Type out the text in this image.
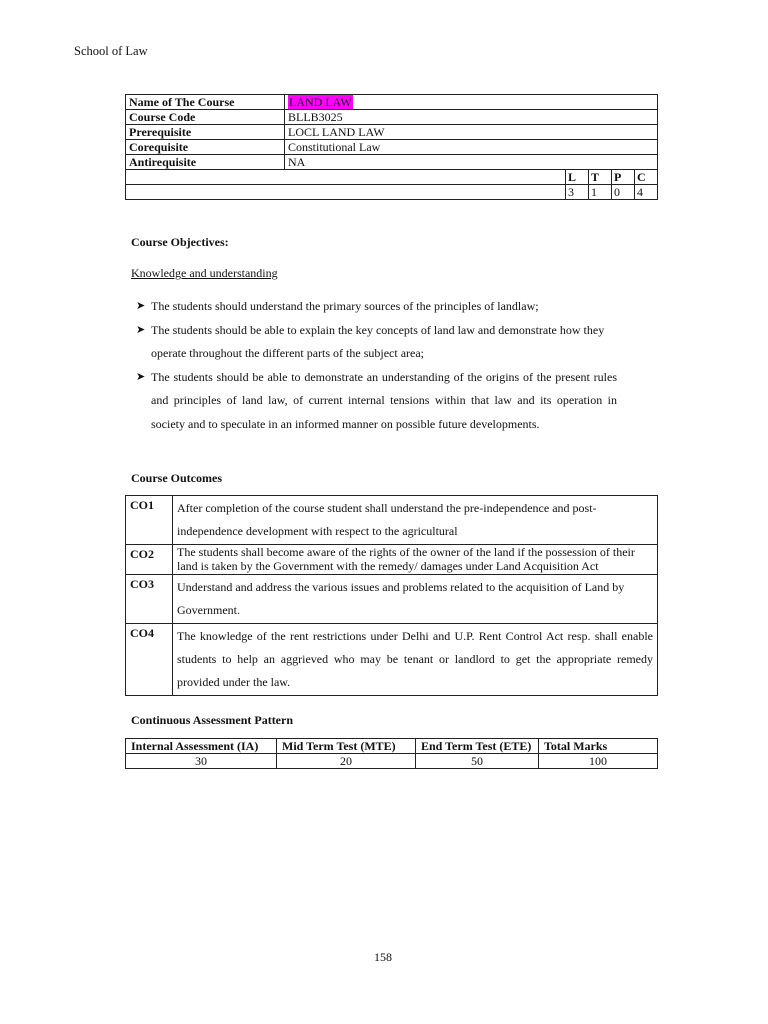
School of Law
Name of The Course	LAND LAW				
Course Code	BLLB3025				
Prerequisite	LOCL LAND LAW				
Corequisite	Constitutional Law				
Antirequisite	NA				
		L	T	P	C
		3	1	0	4
Course Objectives:
Knowledge and understanding
➤ The students should understand the primary sources of the principles of landlaw;
➤ The students should be able to explain the key concepts of land law and demonstrate how they operate throughout the different parts of the subject area;
➤ The students should be able to demonstrate an understanding of the origins of the present rules and principles of land law, of current internal tensions within that law and its operation in society and to speculate in an informed manner on possible future developments.
Course Outcomes
CO1	After completion of the course student shall understand the pre-independence and post-independence development with respect to the agricultural
CO2	The students shall become aware of the rights of the owner of the land if the possession of their land is taken by the Government with the remedy/ damages under Land Acquisition Act
CO3	Understand and address the various issues and problems related to the acquisition of Land by Government.
CO4	The knowledge of the rent restrictions under Delhi and U.P. Rent Control Act resp. shall enable students to help an aggrieved who may be tenant or landlord to get the appropriate remedy provided under the law.
Continuous Assessment Pattern
Internal Assessment (IA)	Mid Term Test (MTE)	End Term Test (ETE)	Total Marks
30	20	50	100
158
